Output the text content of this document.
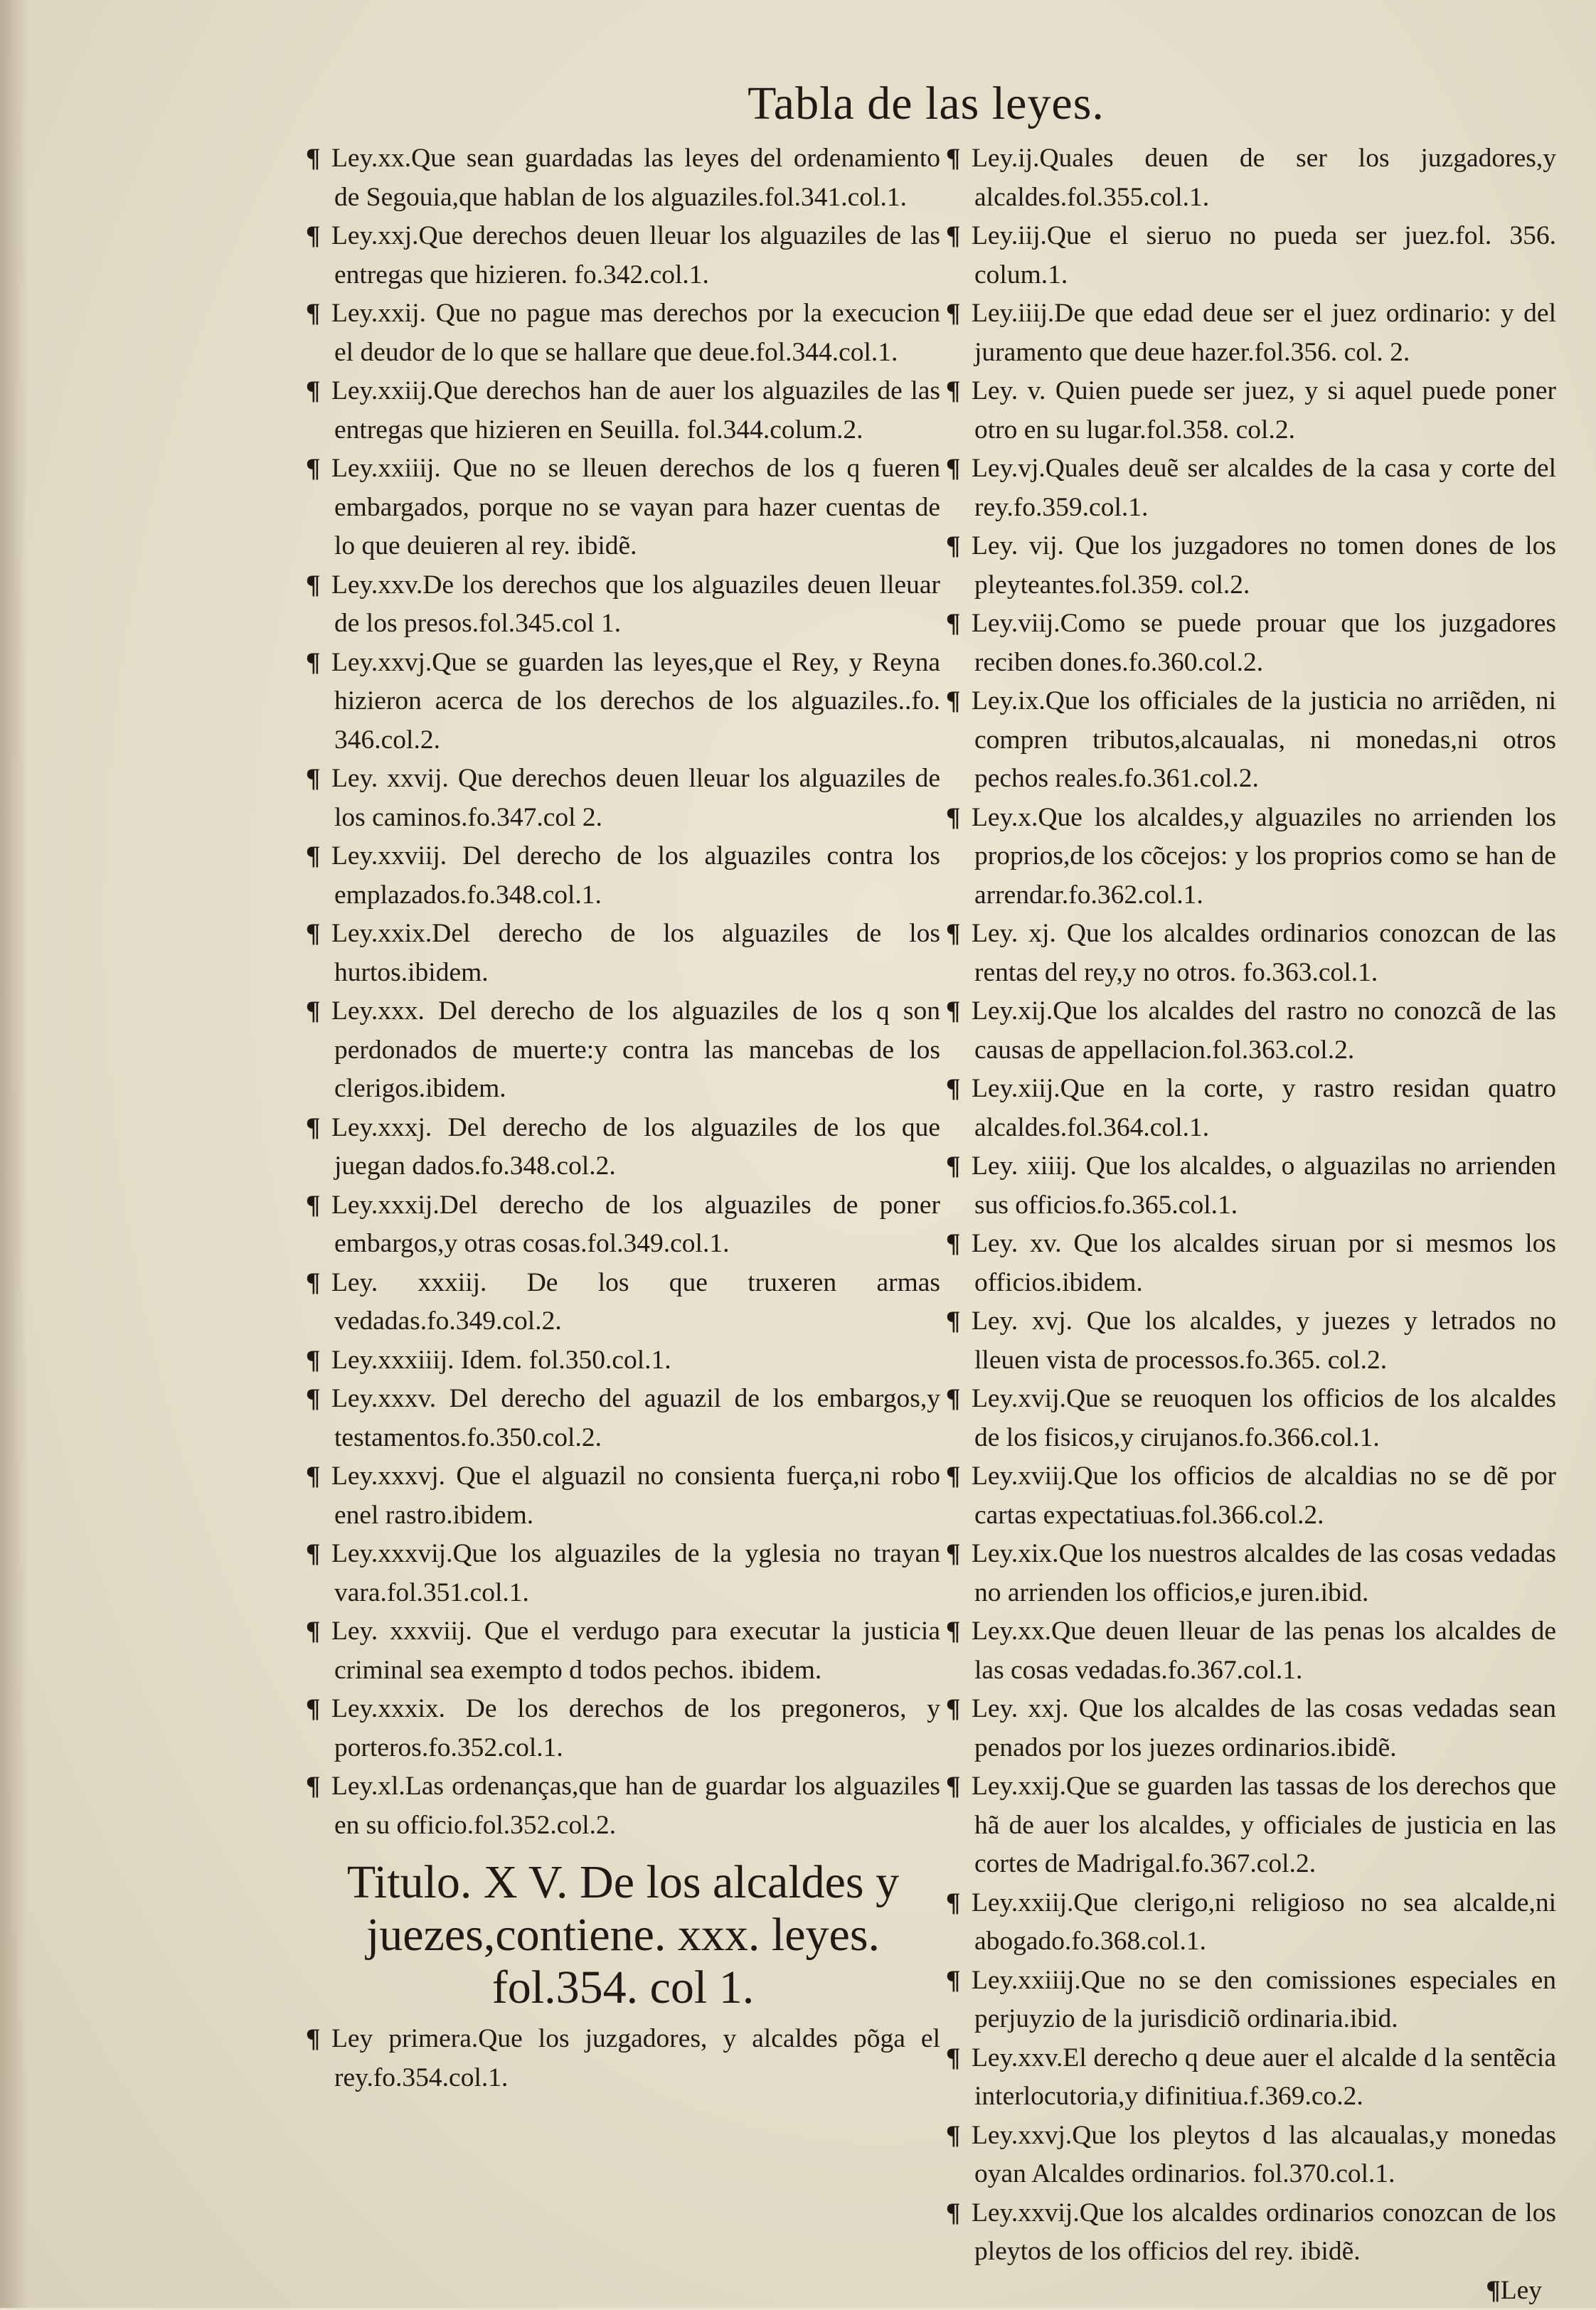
Tabla de las leyes.

¶ Ley.xx.Que sean guardadas las leyes del ordenamiento de Segouia,que hablan de los alguaziles.fol.341.col.1.

¶ Ley.xxj.Que derechos deuen lleuar los alguaziles de las entregas que hizieren. fo.342.col.1.

¶ Ley.xxij. Que no pague mas derechos por la execucion el deudor de lo que se hallare que deue.fol.344.col.1.

¶ Ley.xxiij.Que derechos han de auer los alguaziles de las entregas que hizieren en Seuilla. fol.344.colum.2.

¶ Ley.xxiiij. Que no se lleuen derechos de los q fueren embargados, porque no se vayan para hazer cuentas de lo que deuieren al rey. ibidẽ.

¶ Ley.xxv.De los derechos que los alguaziles deuen lleuar de los presos.fol.345.col 1.

¶ Ley.xxvj.Que se guarden las leyes,que el Rey, y Reyna hizieron acerca de los derechos de los alguaziles..fo. 346.col.2.

¶ Ley. xxvij. Que derechos deuen lleuar los alguaziles de los caminos.fo.347.col 2.

¶ Ley.xxviij. Del derecho de los alguaziles contra los emplazados.fo.348.col.1.

¶ Ley.xxix.Del derecho de los alguaziles de los hurtos.ibidem.

¶ Ley.xxx. Del derecho de los alguaziles de los q son perdonados de muerte:y contra las mancebas de los clerigos.ibidem.

¶ Ley.xxxj. Del derecho de los alguaziles de los que juegan dados.fo.348.col.2.

¶ Ley.xxxij.Del derecho de los alguaziles de poner embargos,y otras cosas.fol.349.col.1.

¶ Ley. xxxiij. De los que truxeren armas vedadas.fo.349.col.2.

¶ Ley.xxxiiij. Idem. fol.350.col.1.

¶ Ley.xxxv. Del derecho del aguazil de los embargos,y testamentos.fo.350.col.2.

¶ Ley.xxxvj. Que el alguazil no consienta fuerça,ni robo enel rastro.ibidem.

¶ Ley.xxxvij.Que los alguaziles de la yglesia no trayan vara.fol.351.col.1.

¶ Ley. xxxviij. Que el verdugo para executar la justicia criminal sea exempto d todos pechos. ibidem.

¶ Ley.xxxix. De los derechos de los pregoneros, y porteros.fo.352.col.1.

¶ Ley.xl.Las ordenanças,que han de guardar los alguaziles en su officio.fol.352.col.2.

Titulo. X V. De los alcaldes y juezes,contiene. xxx. leyes. fol.354. col 1.

¶ Ley primera.Que los juzgadores, y alcaldes põga el rey.fo.354.col.1.

¶ Ley.ij.Quales deuen de ser los juzgadores,y alcaldes.fol.355.col.1.

¶ Ley.iij.Que el sieruo no pueda ser juez.fol. 356. colum.1.

¶ Ley.iiij.De que edad deue ser el juez ordinario: y del juramento que deue hazer.fol.356. col. 2.

¶ Ley. v. Quien puede ser juez, y si aquel puede poner otro en su lugar.fol.358. col.2.

¶ Ley.vj.Quales deuẽ ser alcaldes de la casa y corte del rey.fo.359.col.1.

¶ Ley. vij. Que los juzgadores no tomen dones de los pleyteantes.fol.359. col.2.

¶ Ley.viij.Como se puede prouar que los juzgadores reciben dones.fo.360.col.2.

¶ Ley.ix.Que los officiales de la justicia no arriẽden, ni compren tributos,alcaualas, ni monedas,ni otros pechos reales.fo.361.col.2.

¶ Ley.x.Que los alcaldes,y alguaziles no arrienden los proprios,de los cõcejos: y los proprios como se han de arrendar.fo.362.col.1.

¶ Ley. xj. Que los alcaldes ordinarios conozcan de las rentas del rey,y no otros. fo.363.col.1.

¶ Ley.xij.Que los alcaldes del rastro no conozcã de las causas de appellacion.fol.363.col.2.

¶ Ley.xiij.Que en la corte, y rastro residan quatro alcaldes.fol.364.col.1.

¶ Ley. xiiij. Que los alcaldes, o alguazilas no arrienden sus officios.fo.365.col.1.

¶ Ley. xv. Que los alcaldes siruan por si mesmos los officios.ibidem.

¶ Ley. xvj. Que los alcaldes, y juezes y letrados no lleuen vista de processos.fo.365. col.2.

¶ Ley.xvij.Que se reuoquen los officios de los alcaldes de los fisicos,y cirujanos.fo.366.col.1.

¶ Ley.xviij.Que los officios de alcaldias no se dẽ por cartas expectatiuas.fol.366.col.2.

¶ Ley.xix.Que los nuestros alcaldes de las cosas vedadas no arrienden los officios,e juren.ibid.

¶ Ley.xx.Que deuen lleuar de las penas los alcaldes de las cosas vedadas.fo.367.col.1.

¶ Ley. xxj. Que los alcaldes de las cosas vedadas sean penados por los juezes ordinarios.ibidẽ.

¶ Ley.xxij.Que se guarden las tassas de los derechos que hã de auer los alcaldes, y officiales de justicia en las cortes de Madrigal.fo.367.col.2.

¶ Ley.xxiij.Que clerigo,ni religioso no sea alcalde,ni abogado.fo.368.col.1.

¶ Ley.xxiiij.Que no se den comissiones especiales en perjuyzio de la jurisdiciõ ordinaria.ibid.

¶ Ley.xxv.El derecho q deue auer el alcalde d la sentẽcia interlocutoria,y difinitiua.f.369.co.2.

¶ Ley.xxvj.Que los pleytos d las alcaualas,y monedas oyan Alcaldes ordinarios. fol.370.col.1.

¶ Ley.xxvij.Que los alcaldes ordinarios conozcan de los pleytos de los officios del rey. ibidẽ.

¶Ley
